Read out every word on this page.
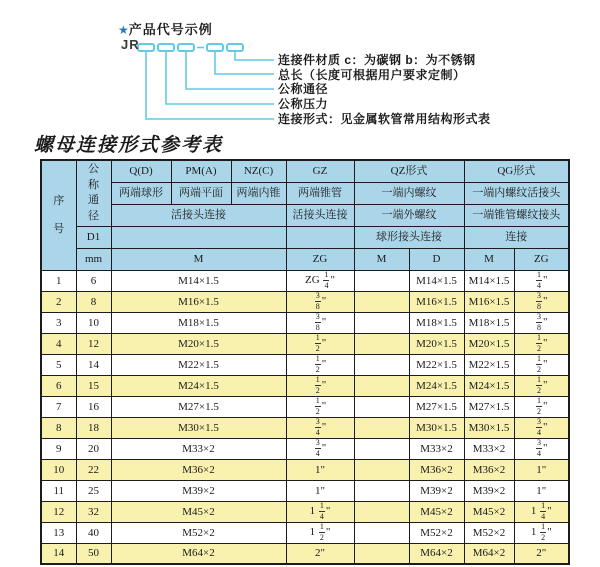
★产品代号示例
JR
连接件材质 c：为碳钢 b：为不锈钢
总长（长度可根据用户要求定制）
公称通径
公称压力
连接形式：见金属软管常用结构形式表
螺母连接形式参考表
序号	公称通径	Q(D)	PM(A)	NZ(C)	GZ	QZ形式		QG形式	
		两端球形	两端平面	两端内锥	两端锥管	一端内螺纹		一端内螺纹活接头	
		活接头连接			活接头连接	一端外螺纹		一端锥管螺纹接头	
	D1					球形接头连接		连接	
	mm	M			ZG	M	D	M	ZG
1	6	M14×1.5			ZG $\frac{1}{4}$ "		M14×1.5	M14×1.5	$\frac{1}{4}$ "
2	8	M16×1.5			$\frac{3}{8}$ "		M16×1.5	M16×1.5	$\frac{3}{8}$ "
3	10	M18×1.5			$\frac{3}{8}$ "		M18×1.5	M18×1.5	$\frac{3}{8}$ "
4	12	M20×1.5			$\frac{1}{2}$ "		M20×1.5	M20×1.5	$\frac{1}{2}$ "
5	14	M22×1.5			$\frac{1}{2}$ "		M22×1.5	M22×1.5	$\frac{1}{2}$ "
6	15	M24×1.5			$\frac{1}{2}$ "		M24×1.5	M24×1.5	$\frac{1}{2}$ "
7	16	M27×1.5			$\frac{1}{2}$ "		M27×1.5	M27×1.5	$\frac{1}{2}$ "
8	18	M30×1.5			$\frac{3}{4}$ "		M30×1.5	M30×1.5	$\frac{3}{4}$ "
9	20	M33×2			$\frac{3}{4}$ "		M33×2	M33×2	$\frac{3}{4}$ "
10	22	M36×2			1"		M36×2	M36×2	1"
11	25	M39×2			1"		M39×2	M39×2	1"
12	32	M45×2			$1 \frac{1}{4}$ "		M45×2	M45×2	$1 \frac{1}{4}$ "
13	40	M52×2			$1 \frac{1}{2}$ "		M52×2	M52×2	$1 \frac{1}{2}$ "
14	50	M64×2			2"		M64×2	M64×2	2"
